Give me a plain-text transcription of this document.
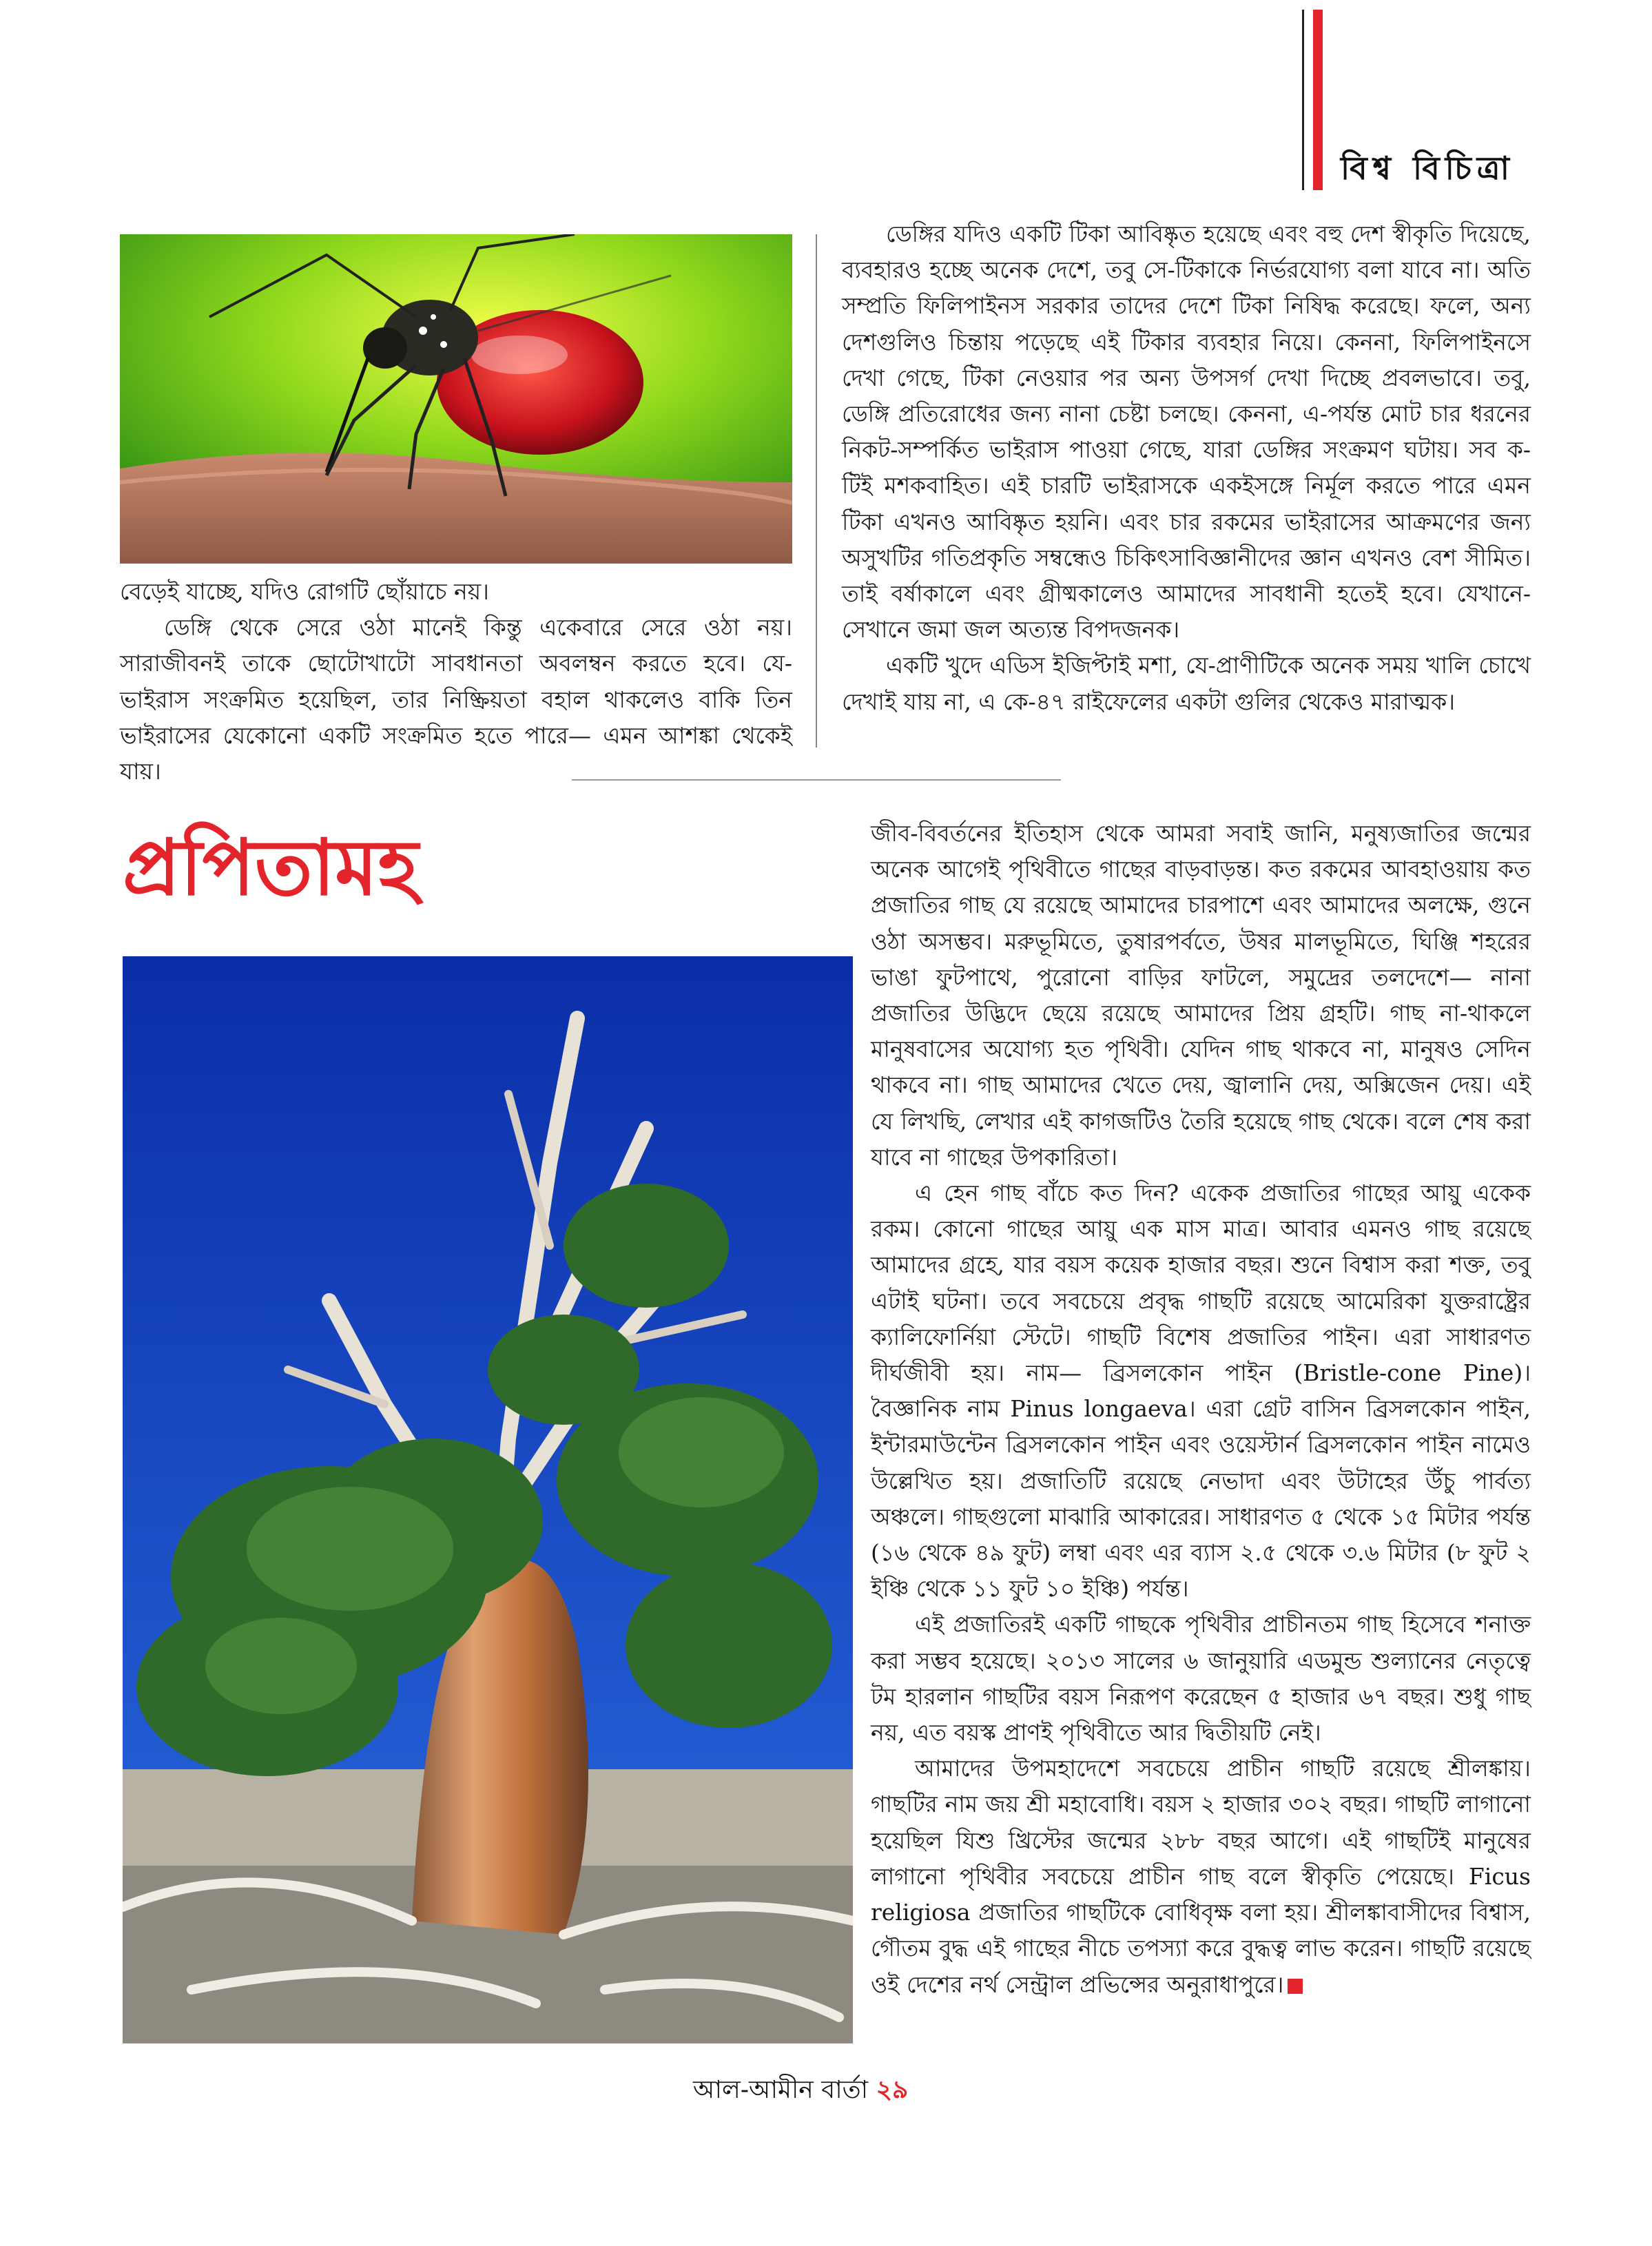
বিশ্ব বিচিত্রা

বেড়েই যাচ্ছে, যদিও রোগটি ছোঁয়াচে নয়।

ডেঙ্গি থেকে সেরে ওঠা মানেই কিন্তু একেবারে সেরে ওঠা নয়। সারাজীবনই তাকে ছোটোখাটো সাবধানতা অবলম্বন করতে হবে। যে-ভাইরাস সংক্রমিত হয়েছিল, তার নিষ্ক্রিয়তা বহাল থাকলেও বাকি তিন ভাইরাসের যেকোনো একটি সংক্রমিত হতে পারে— এমন আশঙ্কা থেকেই যায়।

ডেঙ্গির যদিও একটি টিকা আবিষ্কৃত হয়েছে এবং বহু দেশ স্বীকৃতি দিয়েছে, ব্যবহারও হচ্ছে অনেক দেশে, তবু সে-টিকাকে নির্ভরযোগ্য বলা যাবে না। অতি সম্প্রতি ফিলিপাইনস সরকার তাদের দেশে টিকা নিষিদ্ধ করেছে। ফলে, অন্য দেশগুলিও চিন্তায় পড়েছে এই টিকার ব্যবহার নিয়ে। কেননা, ফিলিপাইনসে দেখা গেছে, টিকা নেওয়ার পর অন্য উপসর্গ দেখা দিচ্ছে প্রবলভাবে। তবু, ডেঙ্গি প্রতিরোধের জন্য নানা চেষ্টা চলছে। কেননা, এ-পর্যন্ত মোট চার ধরনের নিকট-সম্পর্কিত ভাইরাস পাওয়া গেছে, যারা ডেঙ্গির সংক্রমণ ঘটায়। সব ক-টিই মশকবাহিত। এই চারটি ভাইরাসকে একইসঙ্গে নির্মূল করতে পারে এমন টিকা এখনও আবিষ্কৃত হয়নি। এবং চার রকমের ভাইরাসের আক্রমণের জন্য অসুখটির গতিপ্রকৃতি সম্বন্ধেও চিকিৎসাবিজ্ঞানীদের জ্ঞান এখনও বেশ সীমিত। তাই বর্ষাকালে এবং গ্রীষ্মকালেও আমাদের সাবধানী হতেই হবে। যেখানে-সেখানে জমা জল অত্যন্ত বিপদজনক।

একটি খুদে এডিস ইজিপ্টাই মশা, যে-প্রাণীটিকে অনেক সময় খালি চোখে দেখাই যায় না, এ কে-৪৭ রাইফেলের একটা গুলির থেকেও মারাত্মক।

প্রপিতামহ	জীব-বিবর্তনের ইতিহাস থেকে আমরা সবাই জানি, মনুষ্যজাতির জন্মের অনেক আগেই পৃথিবীতে গাছের বাড়বাড়ন্ত। কত রকমের আবহাওয়ায় কত প্রজাতির গাছ যে রয়েছে আমাদের চারপাশে এবং আমাদের অলক্ষে, গুনে ওঠা অসম্ভব। মরুভূমিতে, তুষারপর্বতে, উষর মালভূমিতে, ঘিঞ্জি শহরের ভাঙা ফুটপাথে, পুরোনো বাড়ির ফাটলে, সমুদ্রের তলদেশে— নানা প্রজাতির উদ্ভিদে ছেয়ে রয়েছে আমাদের প্রিয় গ্রহটি। গাছ না-থাকলে মানুষবাসের অযোগ্য হত পৃথিবী। যেদিন গাছ থাকবে না, মানুষও সেদিন থাকবে না। গাছ আমাদের খেতে দেয়, জ্বালানি দেয়, অক্সিজেন দেয়। এই যে লিখছি, লেখার এই কাগজটিও তৈরি হয়েছে গাছ থেকে। বলে শেষ করা যাবে না গাছের উপকারিতা।

এ হেন গাছ বাঁচে কত দিন? একেক প্রজাতির গাছের আয়ু একেক রকম। কোনো গাছের আয়ু এক মাস মাত্র। আবার এমনও গাছ রয়েছে আমাদের গ্রহে, যার বয়স কয়েক হাজার বছর। শুনে বিশ্বাস করা শক্ত, তবু এটাই ঘটনা। তবে সবচেয়ে প্রবৃদ্ধ গাছটি রয়েছে আমেরিকা যুক্তরাষ্ট্রের ক্যালিফোর্নিয়া স্টেটে। গাছটি বিশেষ প্রজাতির পাইন। এরা সাধারণত দীর্ঘজীবী হয়। নাম— ব্রিসলকোন পাইন (Bristle-cone Pine)। বৈজ্ঞানিক নাম Pinus longaeva। এরা গ্রেট বাসিন ব্রিসলকোন পাইন, ইন্টারমাউন্টেন ব্রিসলকোন পাইন এবং ওয়েস্টার্ন ব্রিসলকোন পাইন নামেও উল্লেখিত হয়। প্রজাতিটি রয়েছে নেভাদা এবং উটাহের উঁচু পার্বত্য অঞ্চলে। গাছগুলো মাঝারি আকারের। সাধারণত ৫ থেকে ১৫ মিটার পর্যন্ত (১৬ থেকে ৪৯ ফুট) লম্বা এবং এর ব্যাস ২.৫ থেকে ৩.৬ মিটার (৮ ফুট ২ ইঞ্চি থেকে ১১ ফুট ১০ ইঞ্চি) পর্যন্ত।

এই প্রজাতিরই একটি গাছকে পৃথিবীর প্রাচীনতম গাছ হিসেবে শনাক্ত করা সম্ভব হয়েছে। ২০১৩ সালের ৬ জানুয়ারি এডমুন্ড শুল্যানের নেতৃত্বে টম হারলান গাছটির বয়স নিরূপণ করেছেন ৫ হাজার ৬৭ বছর। শুধু গাছ নয়, এত বয়স্ক প্রাণই পৃথিবীতে আর দ্বিতীয়টি নেই।

আমাদের উপমহাদেশে সবচেয়ে প্রাচীন গাছটি রয়েছে শ্রীলঙ্কায়। গাছটির নাম জয় শ্রী মহাবোধি। বয়স ২ হাজার ৩০২ বছর। গাছটি লাগানো হয়েছিল যিশু খ্রিস্টের জন্মের ২৮৮ বছর আগে। এই গাছটিই মানুষের লাগানো পৃথিবীর সবচেয়ে প্রাচীন গাছ বলে স্বীকৃতি পেয়েছে। Ficus religiosa প্রজাতির গাছটিকে বোধিবৃক্ষ বলা হয়। শ্রীলঙ্কাবাসীদের বিশ্বাস, গৌতম বুদ্ধ এই গাছের নীচে তপস্যা করে বুদ্ধত্ব লাভ করেন। গাছটি রয়েছে ওই দেশের নর্থ সেন্ট্রাল প্রভিন্সের অনুরাধাপুরে।

আল-আমীন বার্তা ২৯
